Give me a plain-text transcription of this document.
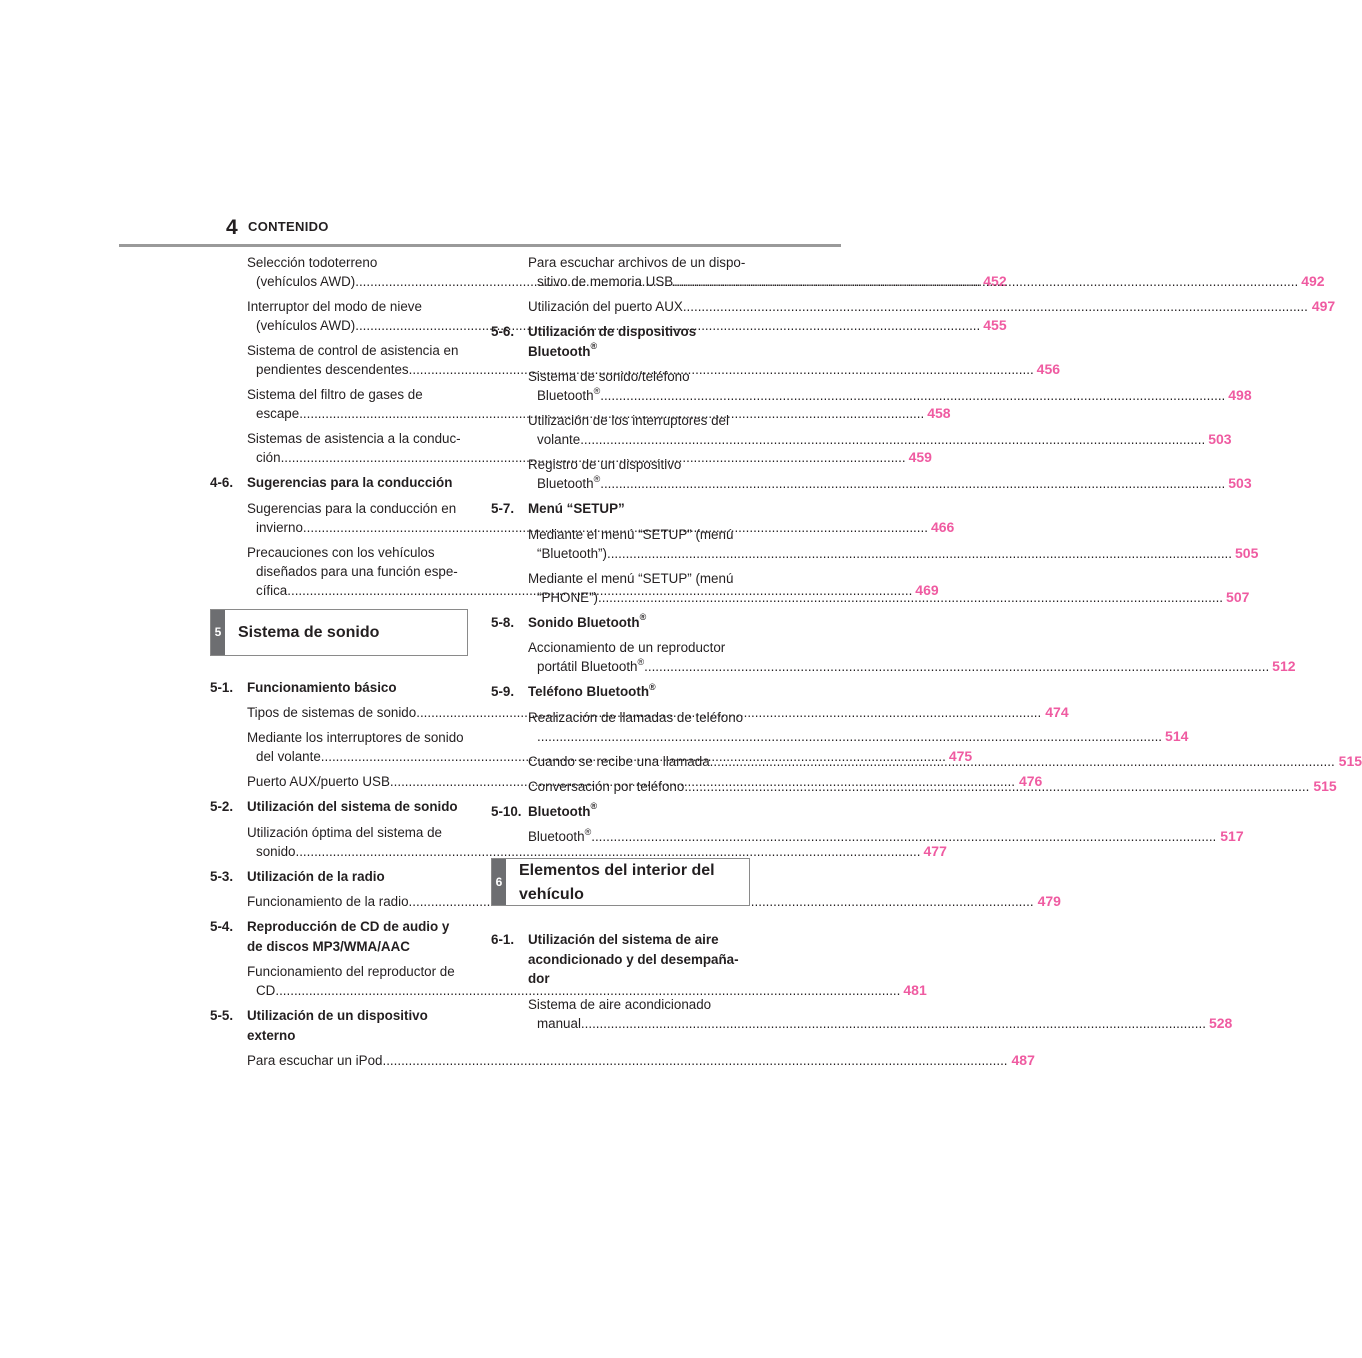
4 CONTENIDO
Selección todoterreno
(vehículos AWD) .....	452
Interruptor del modo de nieve
(vehículos AWD) .....	455
Sistema de control de asistencia en
pendientes descendentes .....	456
Sistema del filtro de gases de
escape .....	458
Sistemas de asistencia a la conduc-
ción .....	459
4-6.	Sugerencias para la conducción
Sugerencias para la conducción en
invierno .....	466
Precauciones con los vehículos
diseñados para una función espe-
cífica .....	469
5	Sistema de sonido
5-1.	Funcionamiento básico
Tipos de sistemas de sonido .....	474
Mediante los interruptores de sonido
del volante .....	475
Puerto AUX/puerto USB .....	476
5-2.	Utilización del sistema de sonido
Utilización óptima del sistema de
sonido .....	477
5-3.	Utilización de la radio
Funcionamiento de la radio .....	479
5-4.	Reproducción de CD de audio y
de discos MP3/WMA/AAC
Funcionamiento del reproductor de
CD .....	481
5-5.	Utilización de un dispositivo
externo
Para escuchar un iPod .....	487
Para escuchar archivos de un dispo-
sitivo de memoria USB .....	492
Utilización del puerto AUX .....	497
5-6.	Utilización de dispositivos
Bluetooth®
Sistema de sonido/teléfono
Bluetooth® .....	498
Utilización de los interruptores del
volante .....	503
Registro de un dispositivo
Bluetooth® .....	503
5-7.	Menú “SETUP”
Mediante el menú “SETUP” (menú
“Bluetooth”) .....	505
Mediante el menú “SETUP” (menú
“PHONE”) .....	507
5-8.	Sonido Bluetooth®
Accionamiento de un reproductor
portátil Bluetooth® .....	512
5-9.	Teléfono Bluetooth®
Realización de llamadas de teléfono
.....514
Cuando se recibe una llamada .....	515
Conversación por teléfono .....	515
5-10. Bluetooth®
Bluetooth® .....	517
6
Elementos del interior del
vehículo
6-1.	Utilización del sistema de aire
acondicionado y del desempaña-
dor
Sistema de aire acondicionado
manual .....	528
